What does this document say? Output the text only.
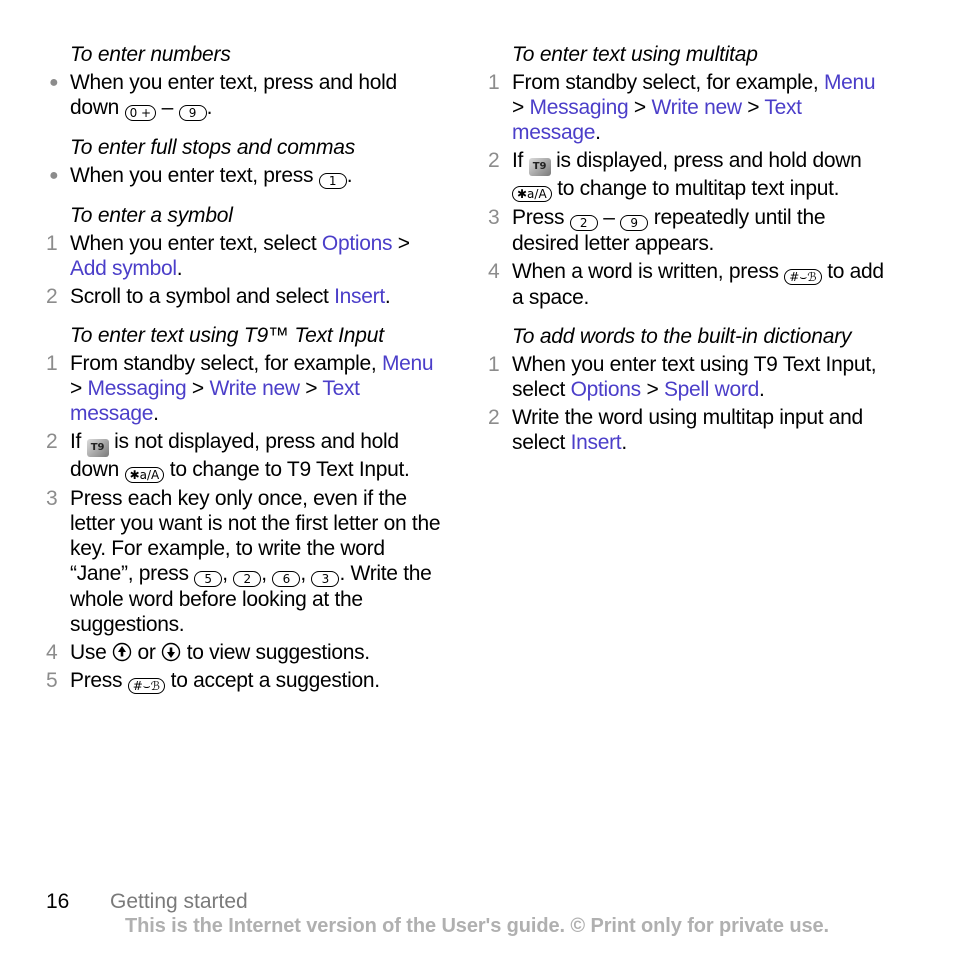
To enter numbers
● When you enter text, press and hold down 0 + – 9 .
To enter full stops and commas
● When you enter text, press 1 .
To enter a symbol
1 When you enter text, select Options > Add symbol.
2 Scroll to a symbol and select Insert.
To enter text using T9™ Text Input
1 From standby select, for example, Menu > Messaging > Write new > Text message.
2 If T9 is not displayed, press and hold down ✱a/A to change to T9 Text Input.
3 Press each key only once, even if the letter you want is not the first letter on the key. For example, to write the word “Jane”, press 5 , 2 , 6 , 3 . Write the whole word before looking at the suggestions.
4 Use or to view suggestions.
5 Press #⌣ℬ to accept a suggestion.
To enter text using multitap
1 From standby select, for example, Menu > Messaging > Write new > Text message.
2 If T9 is displayed, press and hold down ✱a/A to change to multitap text input.
3 Press 2 – 9 repeatedly until the desired letter appears.
4 When a word is written, press #⌣ℬ to add a space.
To add words to the built-in dictionary
1 When you enter text using T9 Text Input, select Options > Spell word.
2 Write the word using multitap input and select Insert.
16 Getting started
This is the Internet version of the User's guide. © Print only for private use.
